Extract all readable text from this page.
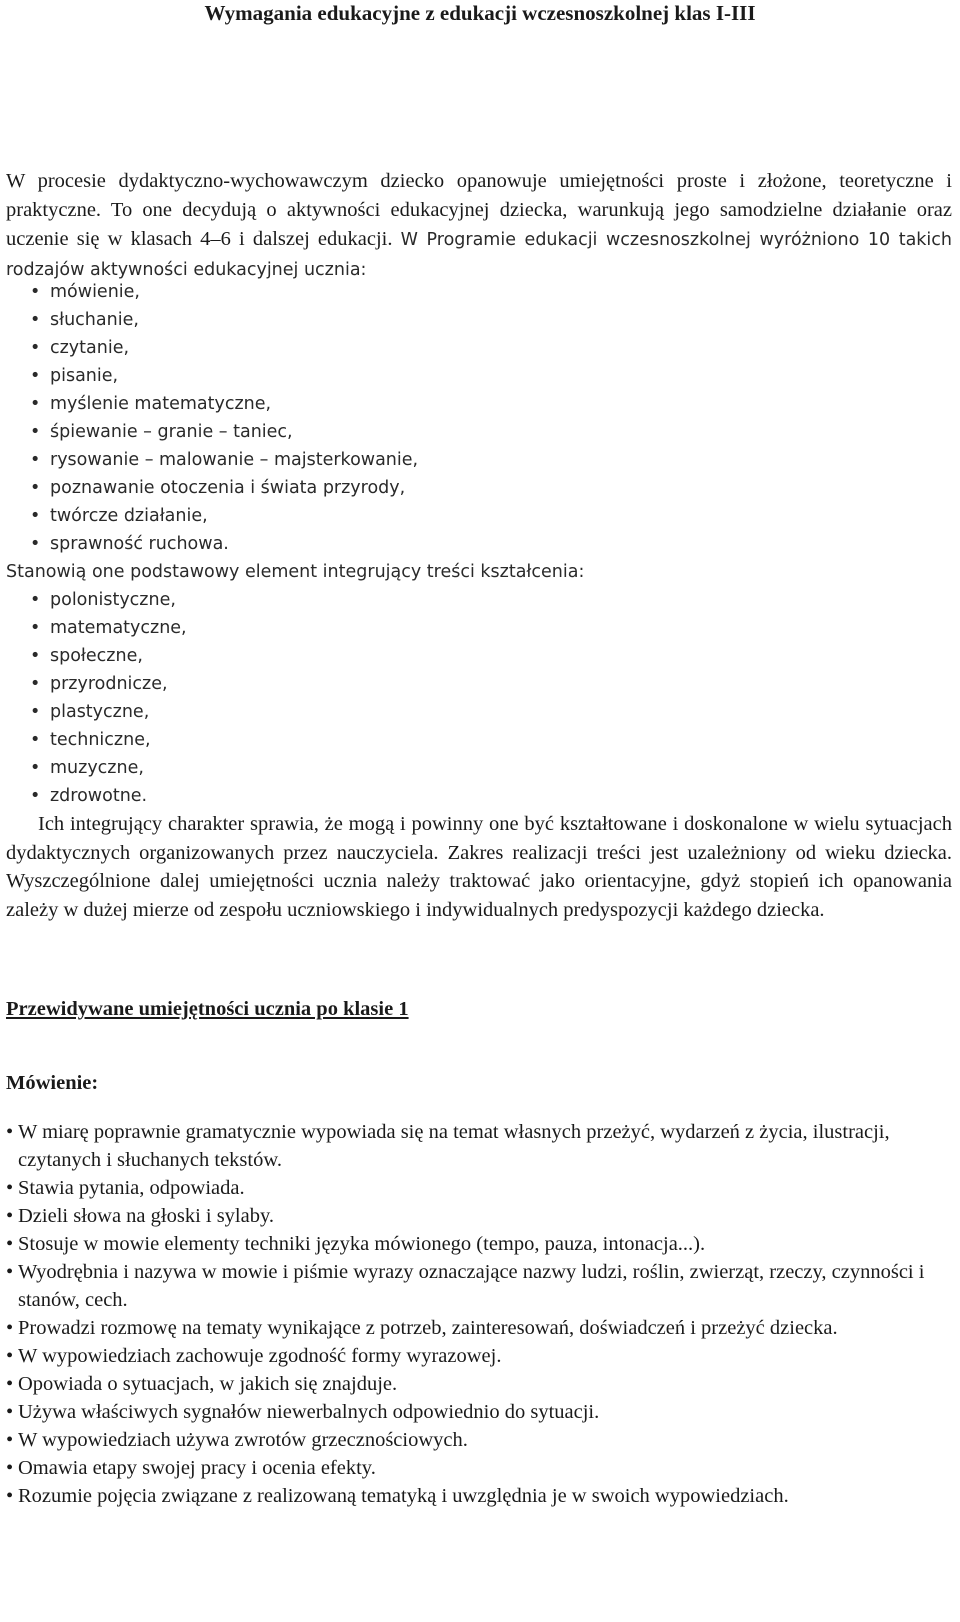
Wymagania edukacyjne z edukacji wczesnoszkolnej klas I-III

W procesie dydaktyczno-wychowawczym dziecko opanowuje umiejętności proste i złożone, teoretyczne i praktyczne. To one decydują o aktywności edukacyjnej dziecka, warunkują jego samodzielne działanie oraz uczenie się w klasach 4–6 i dalszej edukacji. W Programie edukacji wczesnoszkolnej wyróżniono 10 takich rodzajów aktywności edukacyjnej ucznia:

• mówienie,
• słuchanie,
• czytanie,
• pisanie,
• myślenie matematyczne,
• śpiewanie – granie – taniec,
• rysowanie – malowanie – majsterkowanie,
• poznawanie otoczenia i świata przyrody,
• twórcze działanie,
• sprawność ruchowa.

Stanowią one podstawowy element integrujący treści kształcenia:

• polonistyczne,
• matematyczne,
• społeczne,
• przyrodnicze,
• plastyczne,
• techniczne,
• muzyczne,
• zdrowotne.

Ich integrujący charakter sprawia, że mogą i powinny one być kształtowane i doskonalone w wielu sytuacjach dydaktycznych organizowanych przez nauczyciela. Zakres realizacji treści jest uzależniony od wieku dziecka. Wyszczególnione dalej umiejętności ucznia należy traktować jako orientacyjne, gdyż stopień ich opanowania zależy w dużej mierze od zespołu uczniowskiego i indywidualnych predyspozycji każdego dziecka.

Przewidywane umiejętności ucznia po klasie 1
Mówienie:
• W miarę poprawnie gramatycznie wypowiada się na temat własnych przeżyć, wydarzeń z życia, ilustracji, czytanych i słuchanych tekstów.
• Stawia pytania, odpowiada.
• Dzieli słowa na głoski i sylaby.
• Stosuje w mowie elementy techniki języka mówionego (tempo, pauza, intonacja...).
• Wyodrębnia i nazywa w mowie i piśmie wyrazy oznaczające nazwy ludzi, roślin, zwierząt, rzeczy, czynności i stanów, cech.
• Prowadzi rozmowę na tematy wynikające z potrzeb, zainteresowań, doświadczeń i przeżyć dziecka.
• W wypowiedziach zachowuje zgodność formy wyrazowej.
• Opowiada o sytuacjach, w jakich się znajduje.
• Używa właściwych sygnałów niewerbalnych odpowiednio do sytuacji.
• W wypowiedziach używa zwrotów grzecznościowych.
• Omawia etapy swojej pracy i ocenia efekty.
• Rozumie pojęcia związane z realizowaną tematyką i uwzględnia je w swoich wypowiedziach.
